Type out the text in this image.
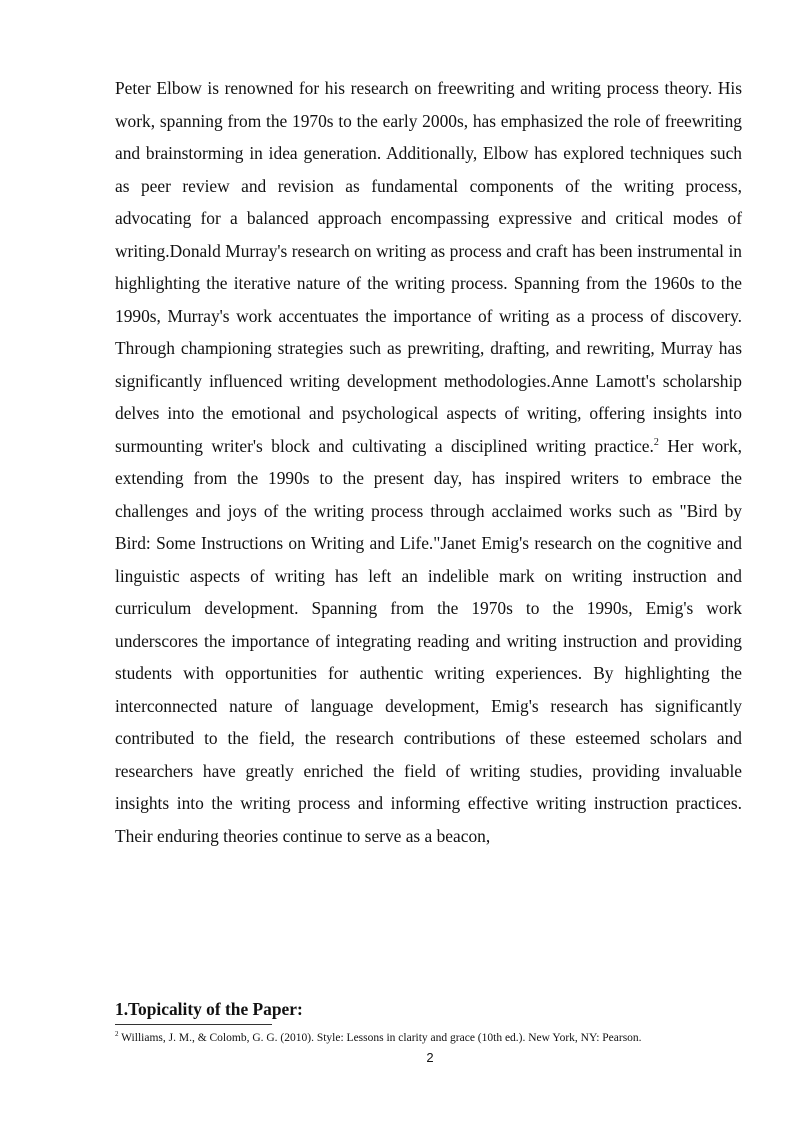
Peter Elbow is renowned for his research on freewriting and writing process theory. His work, spanning from the 1970s to the early 2000s, has emphasized the role of freewriting and brainstorming in idea generation. Additionally, Elbow has explored techniques such as peer review and revision as fundamental components of the writing process, advocating for a balanced approach encompassing expressive and critical modes of writing.Donald Murray's research on writing as process and craft has been instrumental in highlighting the iterative nature of the writing process. Spanning from the 1960s to the 1990s, Murray's work accentuates the importance of writing as a process of discovery. Through championing strategies such as prewriting, drafting, and rewriting, Murray has significantly influenced writing development methodologies.Anne Lamott's scholarship delves into the emotional and psychological aspects of writing, offering insights into surmounting writer's block and cultivating a disciplined writing practice.$^2$ Her work, extending from the 1990s to the present day, has inspired writers to embrace the challenges and joys of the writing process through acclaimed works such as "Bird by Bird: Some Instructions on Writing and Life."Janet Emig's research on the cognitive and linguistic aspects of writing has left an indelible mark on writing instruction and curriculum development. Spanning from the 1970s to the 1990s, Emig's work underscores the importance of integrating reading and writing instruction and providing students with opportunities for authentic writing experiences. By highlighting the interconnected nature of language development, Emig's research has significantly contributed to the field, the research contributions of these esteemed scholars and researchers have greatly enriched the field of writing studies, providing invaluable insights into the writing process and informing effective writing instruction practices. Their enduring theories continue to serve as a beacon,

1.Topicality of the Paper:

$^2$ Williams, J. M., & Colomb, G. G. (2010). Style: Lessons in clarity and grace (10th ed.). New York, NY: Pearson.

2
